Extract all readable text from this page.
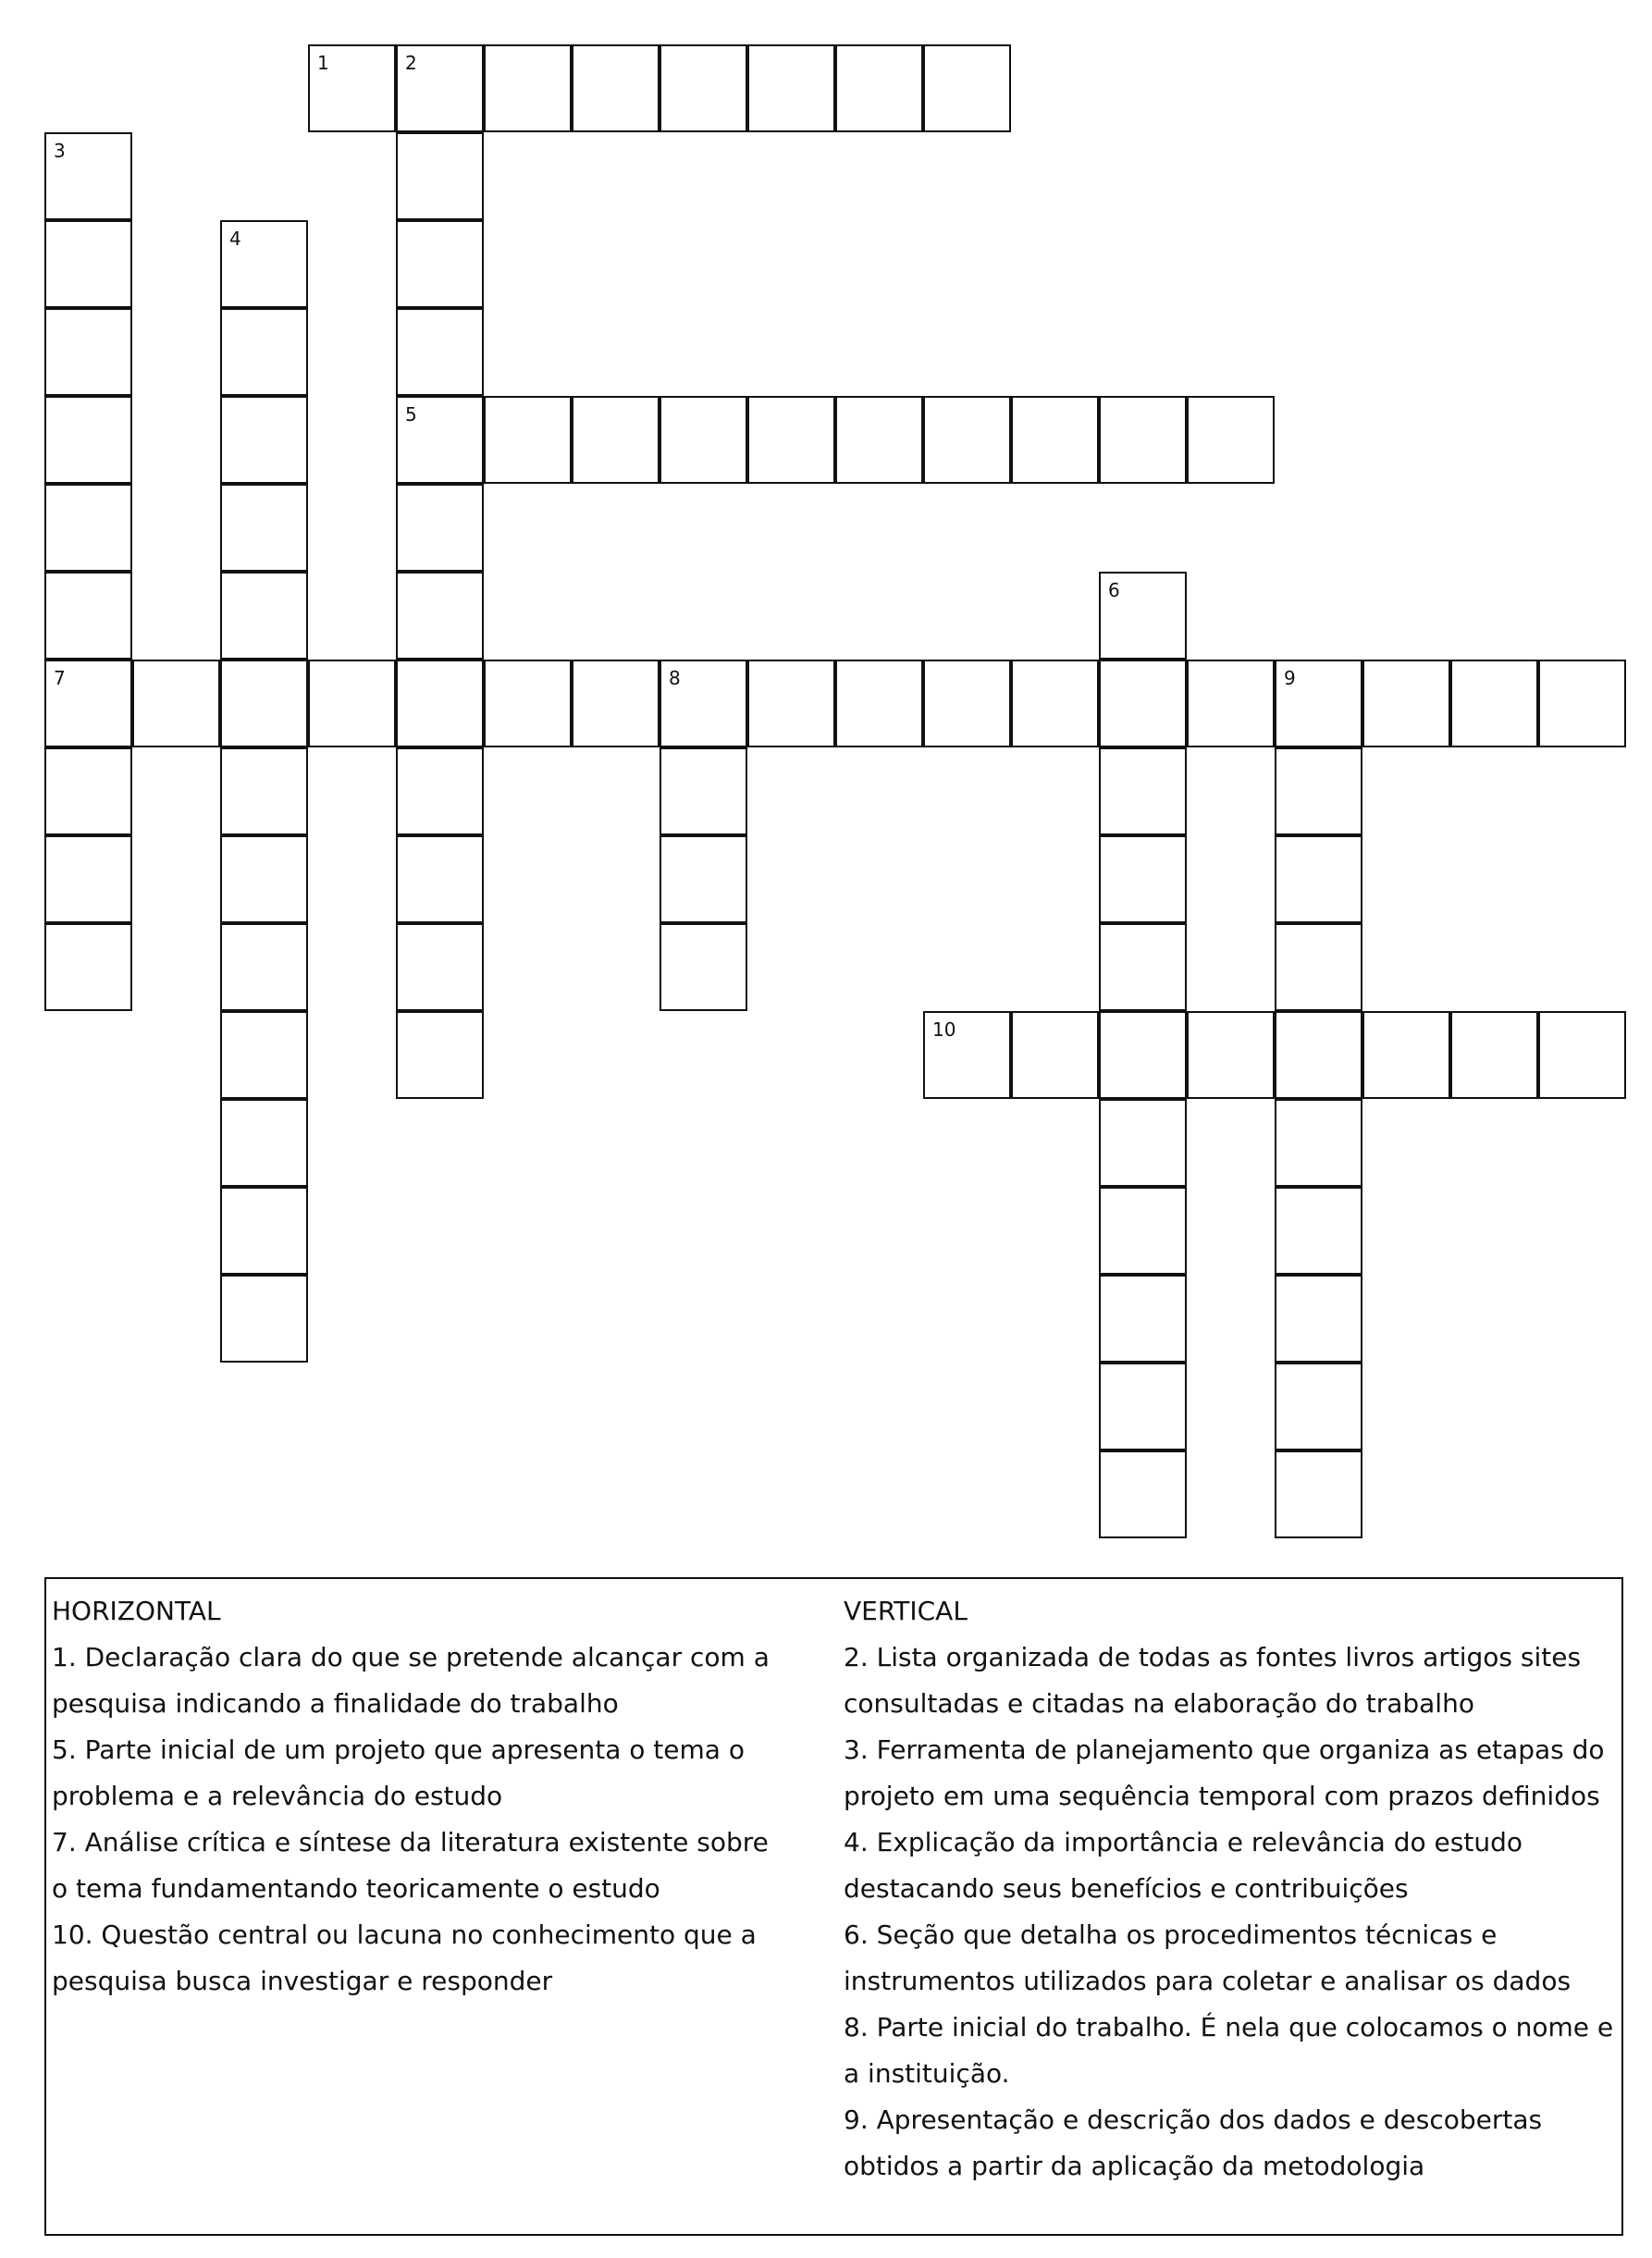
1	2
5
3
7
4
6
8	9
10
HORIZONTAL
1. Declaração clara do que se pretende alcançar com a pesquisa indicando a finalidade do trabalho
5. Parte inicial de um projeto que apresenta o tema o problema e a relevância do estudo
7. Análise crítica e síntese da literatura existente sobre o tema fundamentando teoricamente o estudo
10. Questão central ou lacuna no conhecimento que a pesquisa busca investigar e responder
VERTICAL
2. Lista organizada de todas as fontes livros artigos sites consultadas e citadas na elaboração do trabalho
3. Ferramenta de planejamento que organiza as etapas do projeto em uma sequência temporal com prazos definidos
4. Explicação da importância e relevância do estudo destacando seus benefícios e contribuições
6. Seção que detalha os procedimentos técnicas e instrumentos utilizados para coletar e analisar os dados
8. Parte inicial do trabalho. É nela que colocamos o nome e a instituição.
9. Apresentação e descrição dos dados e descobertas obtidos a partir da aplicação da metodologia
